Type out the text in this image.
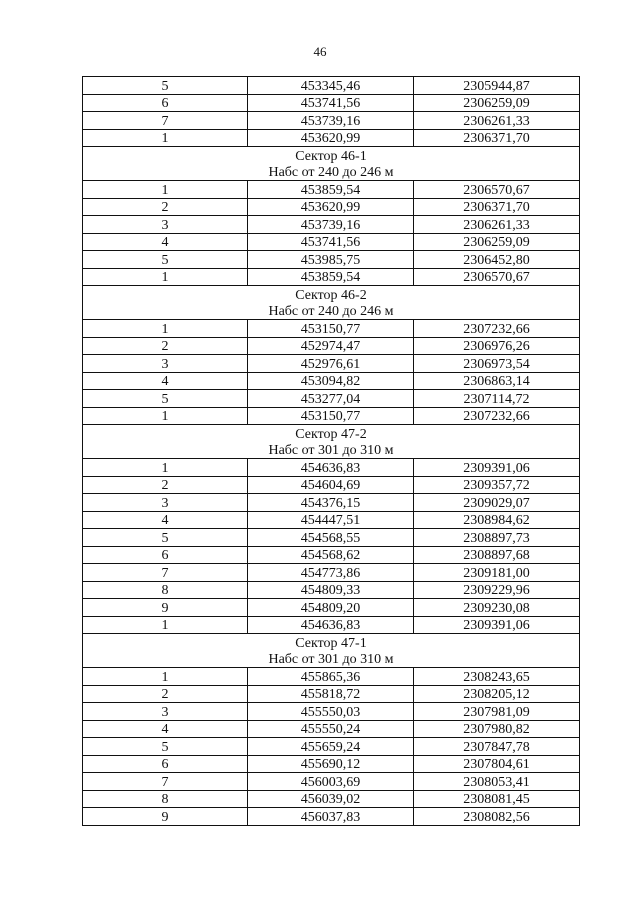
46
5	453345,46	2305944,87
6	453741,56	2306259,09
7	453739,16	2306261,33
1	453620,99	2306371,70
Сектор 46-1		
Набс от 240 до 246 м		
1	453859,54	2306570,67
2	453620,99	2306371,70
3	453739,16	2306261,33
4	453741,56	2306259,09
5	453985,75	2306452,80
1	453859,54	2306570,67
Сектор 46-2		
Набс от 240 до 246 м		
1	453150,77	2307232,66
2	452974,47	2306976,26
3	452976,61	2306973,54
4	453094,82	2306863,14
5	453277,04	2307114,72
1	453150,77	2307232,66
Сектор 47-2		
Набс от 301 до 310 м		
1	454636,83	2309391,06
2	454604,69	2309357,72
3	454376,15	2309029,07
4	454447,51	2308984,62
5	454568,55	2308897,73
6	454568,62	2308897,68
7	454773,86	2309181,00
8	454809,33	2309229,96
9	454809,20	2309230,08
1	454636,83	2309391,06
Сектор 47-1		
Набс от 301 до 310 м		
1	455865,36	2308243,65
2	455818,72	2308205,12
3	455550,03	2307981,09
4	455550,24	2307980,82
5	455659,24	2307847,78
6	455690,12	2307804,61
7	456003,69	2308053,41
8	456039,02	2308081,45
9	456037,83	2308082,56
